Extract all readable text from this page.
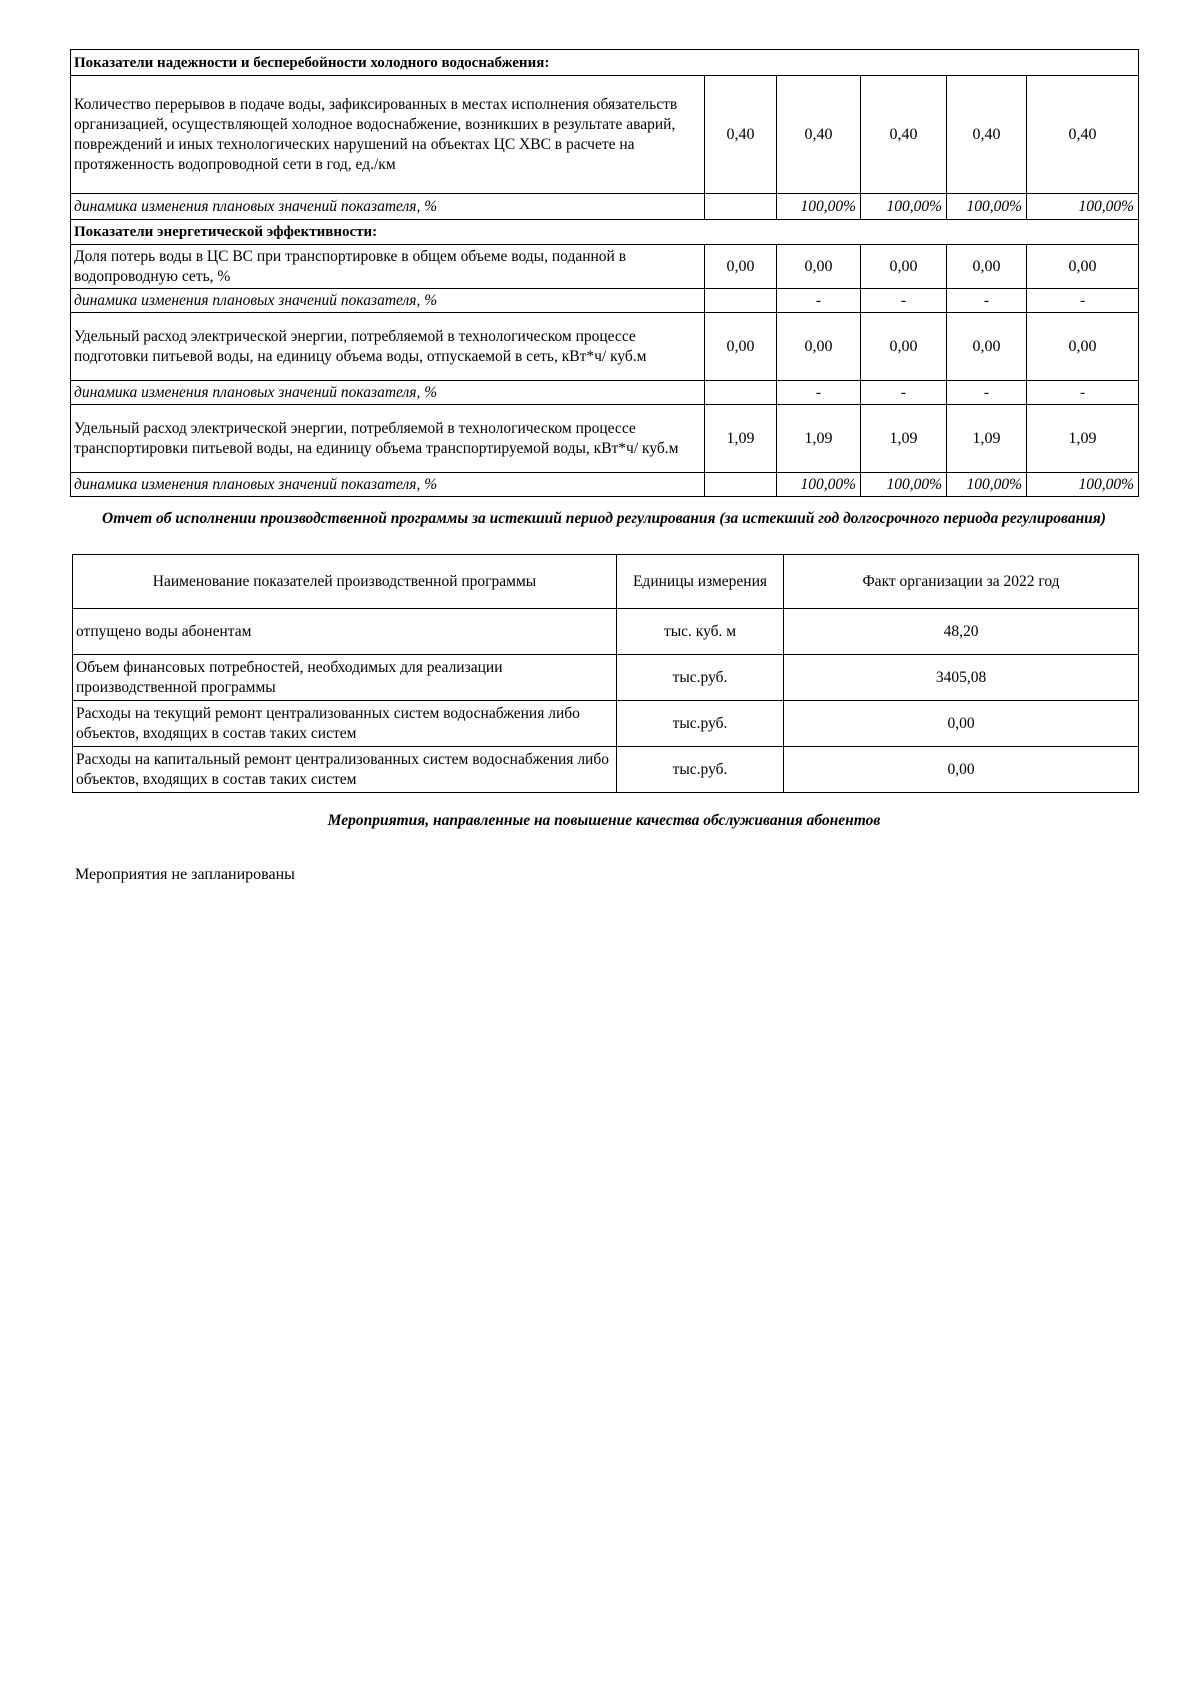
Показатели надежности и бесперебойности холодного водоснабжения:					
Количество перерывов в подаче воды, зафиксированных в местах исполнения обязательств организацией, осуществляющей холодное водоснабжение, возникших в результате аварий, повреждений и иных технологических нарушений на объектах ЦС ХВС в расчете на протяженность водопроводной сети в год, ед./км	0,40	0,40	0,40	0,40	0,40
динамика изменения плановых значений показателя, %		100,00%	100,00%	100,00%	100,00%
Показатели энергетической эффективности:					
Доля потерь воды в ЦС ВС при транспортировке в общем объеме воды, поданной в водопроводную сеть, %	0,00	0,00	0,00	0,00	0,00
динамика изменения плановых значений показателя, %		-	-	-	-
Удельный расход электрической энергии, потребляемой в технологическом процессе подготовки питьевой воды, на единицу объема воды, отпускаемой в сеть, кВт*ч/ куб.м	0,00	0,00	0,00	0,00	0,00
динамика изменения плановых значений показателя, %		-	-	-	-
Удельный расход электрической энергии, потребляемой в технологическом процессе транспортировки питьевой воды, на единицу объема транспортируемой воды, кВт*ч/ куб.м	1,09	1,09	1,09	1,09	1,09
динамика изменения плановых значений показателя, %		100,00%	100,00%	100,00%	100,00%
Отчет об исполнении производственной программы за истекший период регулирования (за истекший год долгосрочного периода регулирования)
Наименование показателей производственной программы	Единицы измерения	Факт организации за 2022 год
отпущено воды абонентам	тыс. куб. м	48,20
Объем финансовых потребностей, необходимых для реализации производственной программы	тыс.руб.	3405,08
Расходы на текущий ремонт централизованных систем водоснабжения либо объектов, входящих в состав таких систем	тыс.руб.	0,00
Расходы на капитальный ремонт централизованных систем водоснабжения либо объектов, входящих в состав таких систем	тыс.руб.	0,00
Мероприятия, направленные на повышение качества обслуживания абонентов
Мероприятия не запланированы
